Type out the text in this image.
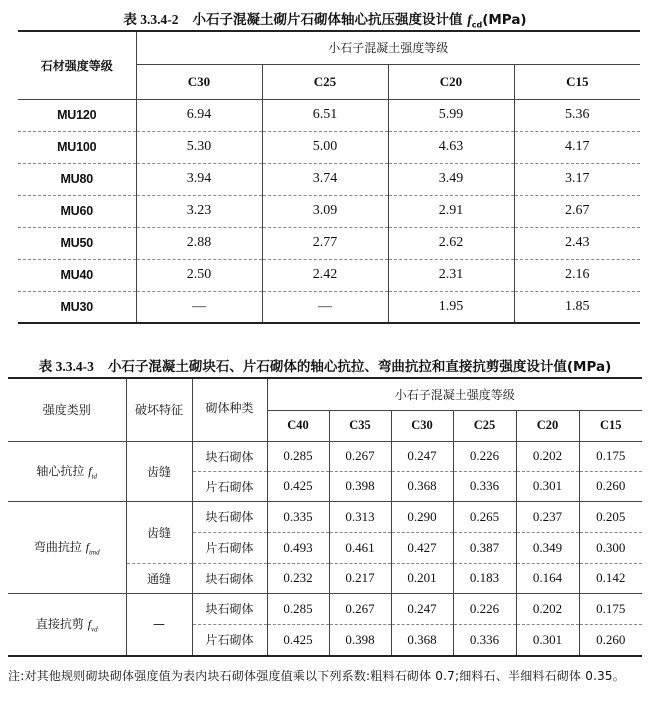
表 3.3.4-2 小石子混凝土砌片石砌体轴心抗压强度设计值 $f_{cd}(MPa)$
石材强度等级	小石子混凝土强度等级			
	C30	C25	C20	C15
MU120	6.94	6.51	5.99	5.36
MU100	5.30	5.00	4.63	4.17
MU80	3.94	3.74	3.49	3.17
MU60	3.23	3.09	2.91	2.67
MU50	2.88	2.77	2.62	2.43
MU40	2.50	2.42	2.31	2.16
MU30	—	—	1.95	1.85
表 3.3.4-3 小石子混凝土砌块石、片石砌体的轴心抗拉、弯曲抗拉和直接抗剪强度设计值(MPa)
强度类别	破坏特征	砌体种类	小石子混凝土强度等级					
			C40	C35	C30	C25	C20	C15
轴心抗拉 $f_{td}$	齿缝	块石砌体	0.285	0.267	0.247	0.226	0.202	0.175
		片石砌体	0.425	0.398	0.368	0.336	0.301	0.260
弯曲抗拉 $f_{tmd}$	齿缝	块石砌体	0.335	0.313	0.290	0.265	0.237	0.205
		片石砌体	0.493	0.461	0.427	0.387	0.349	0.300
	通缝	块石砌体	0.232	0.217	0.201	0.183	0.164	0.142
直接抗剪 $f_{vd}$	—	块石砌体	0.285	0.267	0.247	0.226	0.202	0.175
		片石砌体	0.425	0.398	0.368	0.336	0.301	0.260
注:对其他规则砌块砌体强度值为表内块石砌体强度值乘以下列系数:粗料石砌体 0.7;细料石、半细料石砌体 0.35。
